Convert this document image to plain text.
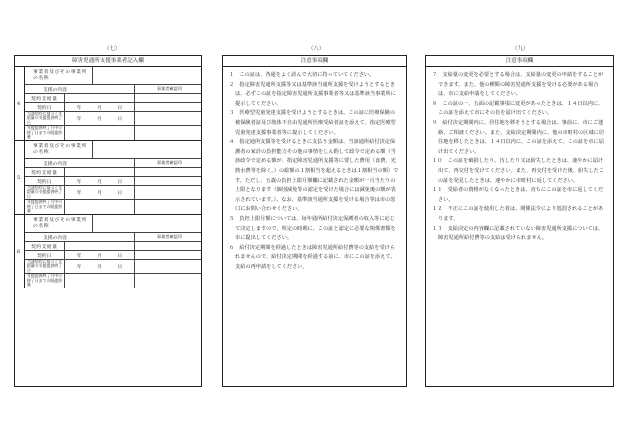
（七）	（八）	（九）
障害児通所支援事業者記入欄
4
事業者及びその事業所の名称
支援の内容	事業者確認印
契約支給量
契約日	年	月	日
当該契約に基づく支給量の支援提供終了日
年	月	日
支援提供終了月中の終了日までの既提供量
5
事業者及びその事業所の名称
支援の内容	事業者確認印
契約支給量
契約日	年	月	日
当該契約に基づく支給量の支援提供終了日
年	月	日
支援提供終了月中の終了日までの既提供量
6
事業者及びその事業所の名称
支援の内容	事業者確認印
契約支給量
契約日	年	月	日
当該契約に基づく支給量の支援提供終了日
年	月	日
支援提供終了月中の終了日までの既提供量
注意事項欄

１　この証は、各通をよく読んで大切に持っていてください。

２　指定障害児通所支援等又は基準該当通所支援を受けようとするときは、必ずこの証を指定障害児通所支援事業者等又は基準該当事業所に提示してください。

３　医療型児童発達支援を受けようとするときは、この証に医療保険の被保険者証及び肢体不自由児通所医療受給者証を添えて、指定医療型児童発達支援事業者等に提示してください。

４　指定通所支援等を受けるときに支払う金額は、当該通所給付決定保護者の家計の負担能力その他の事情をしん酌して政令で定める額（当該政令で定める額が、指定障害児通所支援等に要した費用（食費、光熱水費等を除く。）の総額の１割相当を超えるときは１割相当の額）です。ただし、五歳の負担上限月額欄に記載された金額が一月当たりの上限となります（個別減免等の認定を受けた場合には減免後の額が表示されています。）。なお、基準該当通所支援を受ける場合等は市の窓口にお問い合わせください。

５　負担上限月額については、毎年通所給付決定保護者の収入等に応じて決定しますので、所定の時期に、この証と認定に必要な関係書類を市に提出してください。

６　給付決定期間を経過したときは障害児通所給付費等の支給を受けられませんので、給付決定期間を経過する前に、市にこの証を添えて、支給の再申請をしてください。

注意事項欄

７　支給量の変更を必要とする場合は、支給量の変更の申請をすることができます。また、他の種類の障害児通所支援を受ける必要がある場合は、市に支給申請をしてください。

８　この証の一、五面の記載事項に変更があったときは、１４日以内に、この証を添えて市にその旨を届け出てください。

９　給付決定期間内に、居住地を移そうとする場合は、事前に、市にご連絡、ご相談ください。また、支給決定期間内に、他の市町村の区域に居住地を移したときは、１４日以内に、この証を添えて、この証を市に届け出てください。

１０　この証を破損したり、汚したり又は紛失したときは、速やかに届け出て、再交付を受けてください。また、再交付を受けた後、紛失したこの証を発見したときは、速やかに市町村に返してください。

１１　受給者の資格がなくなったときは、直ちにこの証を市に返してください。

１２　不正にこの証を使用した者は、関係法令により処罰されることがあります。

１３　支給決定の内容欄に記載されていない障害児通所支援については、障害児通所給付費等の支給は受けられません。
